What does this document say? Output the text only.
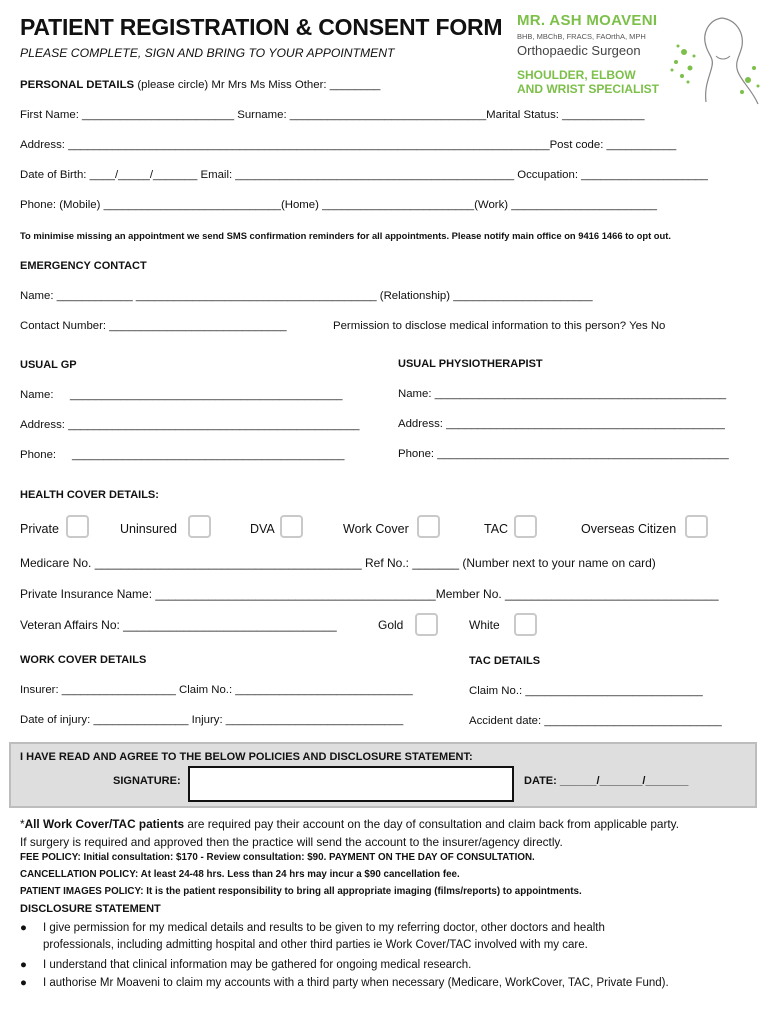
PATIENT REGISTRATION & CONSENT FORM
PLEASE COMPLETE, SIGN AND BRING TO YOUR APPOINTMENT
MR. ASH MOAVENI
BHB, MBChB, FRACS, FAOrthA, MPH
Orthopaedic Surgeon
SHOULDER, ELBOW
AND WRIST SPECIALIST
PERSONAL DETAILS (please circle) Mr Mrs Ms Miss Other: ________
First Name: ________________________ Surname: _______________________________Marital Status: _____________
Address: ____________________________________________________________________________Post code: ___________
Date of Birth: ____/_____/_______ Email: ____________________________________________ Occupation: ____________________
Phone: (Mobile) ____________________________(Home) ________________________(Work) _______________________
To minimise missing an appointment we send SMS confirmation reminders for all appointments. Please notify main office on 9416 1466 to opt out.
EMERGENCY CONTACT
Name: ____________ ______________________________________ (Relationship) ______________________
Contact Number: ____________________________	Permission to disclose medical information to this person? Yes No
USUAL GP
Name: ___________________________________________
Address: ______________________________________________
Phone: ___________________________________________
USUAL PHYSIOTHERAPIST
Name: ______________________________________________
Address: ____________________________________________
Phone: ______________________________________________
HEALTH COVER DETAILS:
Private	Uninsured	DVA	Work Cover	TAC	Overseas Citizen
Medicare No. ________________________________________ Ref No.: _______ (Number next to your name on card)
Private Insurance Name: __________________________________________Member No. ________________________________
Veteran Affairs No: ________________________________	Gold	White
WORK COVER DETAILS
Insurer: __________________ Claim No.: ____________________________
Date of injury: _______________ Injury: ____________________________
TAC DETAILS
Claim No.: ____________________________
Accident date: ____________________________
I HAVE READ AND AGREE TO THE BELOW POLICIES AND DISCLOSURE STATEMENT:
SIGNATURE:	DATE: ______/_______/_______
*All Work Cover/TAC patients are required pay their account on the day of consultation and claim back from applicable party.
If surgery is required and approved then the practice will send the account to the insurer/agency directly.
FEE POLICY: Initial consultation: $170 - Review consultation: $90. PAYMENT ON THE DAY OF CONSULTATION.
CANCELLATION POLICY: At least 24-48 hrs. Less than 24 hrs may incur a $90 cancellation fee.
PATIENT IMAGES POLICY: It is the patient responsibility to bring all appropriate imaging (films/reports) to appointments.
DISCLOSURE STATEMENT
● I give permission for my medical details and results to be given to my referring doctor, other doctors and health
professionals, including admitting hospital and other third parties ie Work Cover/TAC involved with my care.
● I understand that clinical information may be gathered for ongoing medical research.
● I authorise Mr Moaveni to claim my accounts with a third party when necessary (Medicare, WorkCover, TAC, Private Fund).
